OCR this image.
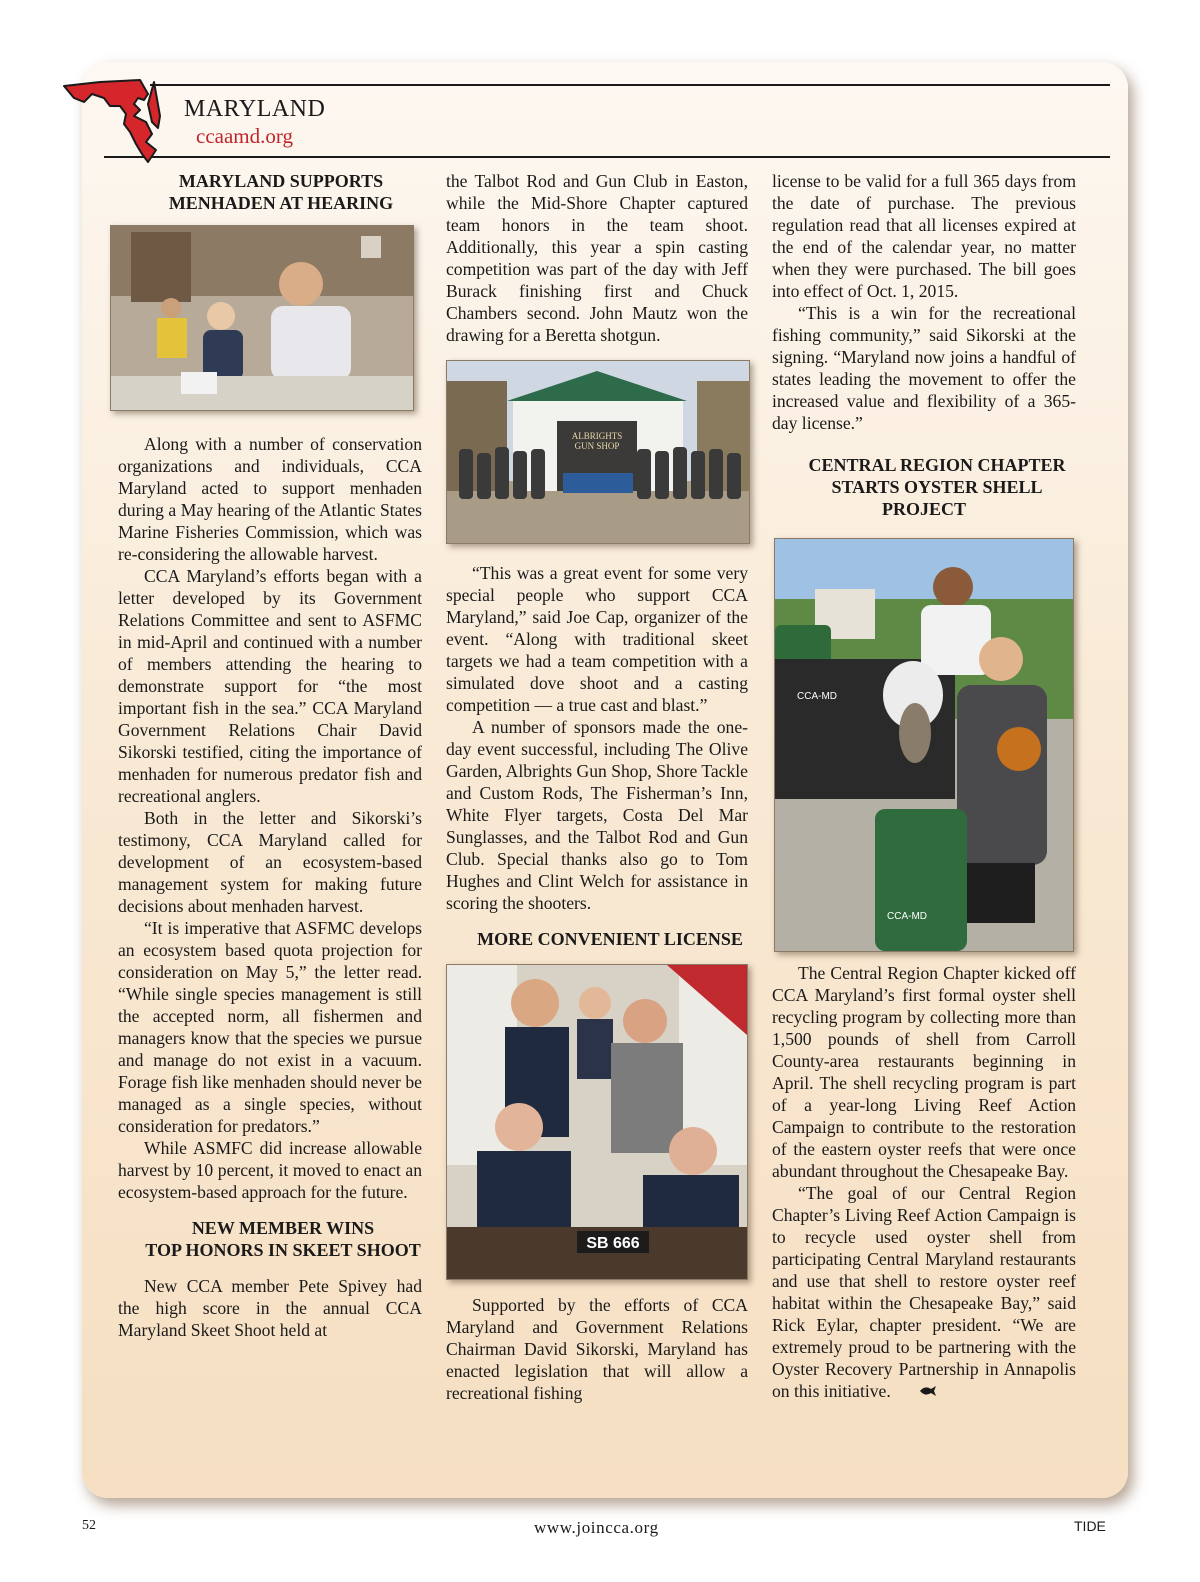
MARYLAND
ccaamd.org

MARYLAND SUPPORTS
MENHADEN AT HEARING

Along with a number of conservation organizations and individuals, CCA Maryland acted to support menhaden during a May hearing of the Atlantic States Marine Fisheries Commission, which was re-considering the allowable harvest.

CCA Maryland’s efforts began with a letter developed by its Government Relations Committee and sent to ASFMC in mid-April and continued with a number of members attending the hearing to demonstrate support for “the most important fish in the sea.” CCA Maryland Government Relations Chair David Sikorski testified, citing the importance of menhaden for numerous predator fish and recreational anglers.

Both in the letter and Sikorski’s testimony, CCA Maryland called for development of an ecosystem-based management system for making future decisions about menhaden harvest.

“It is imperative that ASFMC develops an ecosystem based quota projection for consideration on May 5,” the letter read. “While single species management is still the accepted norm, all fishermen and managers know that the species we pursue and manage do not exist in a vacuum. Forage fish like menhaden should never be managed as a single species, without consideration for predators.”

While ASMFC did increase allowable harvest by 10 percent, it moved to enact an ecosystem-based approach for the future.

NEW MEMBER WINS
TOP HONORS IN SKEET SHOOT

New CCA member Pete Spivey had the high score in the annual CCA Maryland Skeet Shoot held at

the Talbot Rod and Gun Club in Easton, while the Mid-Shore Chapter captured team honors in the team shoot. Additionally, this year a spin casting competition was part of the day with Jeff Burack finishing first and Chuck Chambers second. John Mautz won the drawing for a Beretta shotgun.

ALBRIGHTS
GUN SHOP

“This was a great event for some very special people who support CCA Maryland,” said Joe Cap, organizer of the event. “Along with traditional skeet targets we had a team competition with a simulated dove shoot and a casting competition — a true cast and blast.”

A number of sponsors made the one-day event successful, including The Olive Garden, Albrights Gun Shop, Shore Tackle and Custom Rods, The Fisherman’s Inn, White Flyer targets, Costa Del Mar Sunglasses, and the Talbot Rod and Gun Club. Special thanks also go to Tom Hughes and Clint Welch for assistance in scoring the shooters.

MORE CONVENIENT LICENSE

SB 666

Supported by the efforts of CCA Maryland and Government Relations Chairman David Sikorski, Maryland has enacted legislation that will allow a recreational fishing

license to be valid for a full 365 days from the date of purchase. The previous regulation read that all licenses expired at the end of the calendar year, no matter when they were purchased. The bill goes into effect of Oct. 1, 2015.

“This is a win for the recreational fishing community,” said Sikorski at the signing. “Maryland now joins a handful of states leading the movement to offer the increased value and flexibility of a 365-day license.”

CENTRAL REGION CHAPTER
STARTS OYSTER SHELL PROJECT

CCA-MD
CCA-MD

The Central Region Chapter kicked off CCA Maryland’s first formal oyster shell recycling program by collecting more than 1,500 pounds of shell from Carroll County-area restaurants beginning in April. The shell recycling program is part of a year-long Living Reef Action Campaign to contribute to the restoration of the eastern oyster reefs that were once abundant throughout the Chesapeake Bay.

“The goal of our Central Region Chapter’s Living Reef Action Campaign is to recycle used oyster shell from participating Central Maryland restaurants and use that shell to restore oyster reef habitat within the Chesapeake Bay,” said Rick Eylar, chapter president. “We are extremely proud to be partnering with the Oyster Recovery Partnership in Annapolis on this initiative.

52	www.joincca.org	TIDE
